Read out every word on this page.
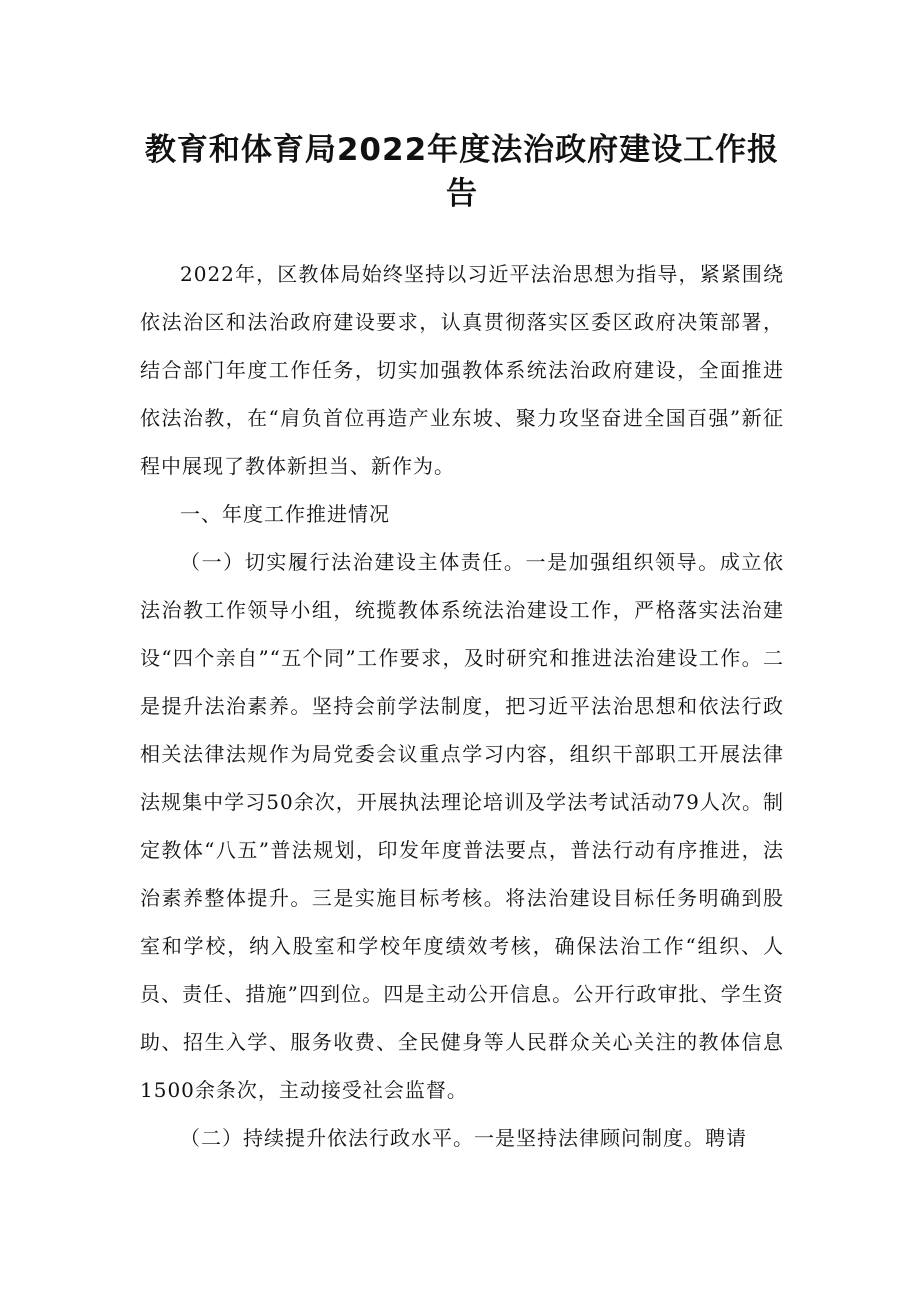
教育和体育局2022年度法治政府建设工作报告

2022年，区教体局始终坚持以习近平法治思想为指导，紧紧围绕依法治区和法治政府建设要求，认真贯彻落实区委区政府决策部署，结合部门年度工作任务，切实加强教体系统法治政府建设，全面推进依法治教，在“肩负首位再造产业东坡、聚力攻坚奋进全国百强”新征程中展现了教体新担当、新作为。

一、年度工作推进情况

（一）切实履行法治建设主体责任。一是加强组织领导。成立依法治教工作领导小组，统揽教体系统法治建设工作，严格落实法治建设“四个亲自”“五个同”工作要求，及时研究和推进法治建设工作。二是提升法治素养。坚持会前学法制度，把习近平法治思想和依法行政相关法律法规作为局党委会议重点学习内容，组织干部职工开展法律法规集中学习50余次，开展执法理论培训及学法考试活动79人次。制定教体“八五”普法规划，印发年度普法要点，普法行动有序推进，法治素养整体提升。三是实施目标考核。将法治建设目标任务明确到股室和学校，纳入股室和学校年度绩效考核，确保法治工作“组织、人员、责任、措施”四到位。四是主动公开信息。公开行政审批、学生资助、招生入学、服务收费、全民健身等人民群众关心关注的教体信息1500余条次，主动接受社会监督。

（二）持续提升依法行政水平。一是坚持法律顾问制度。聘请
